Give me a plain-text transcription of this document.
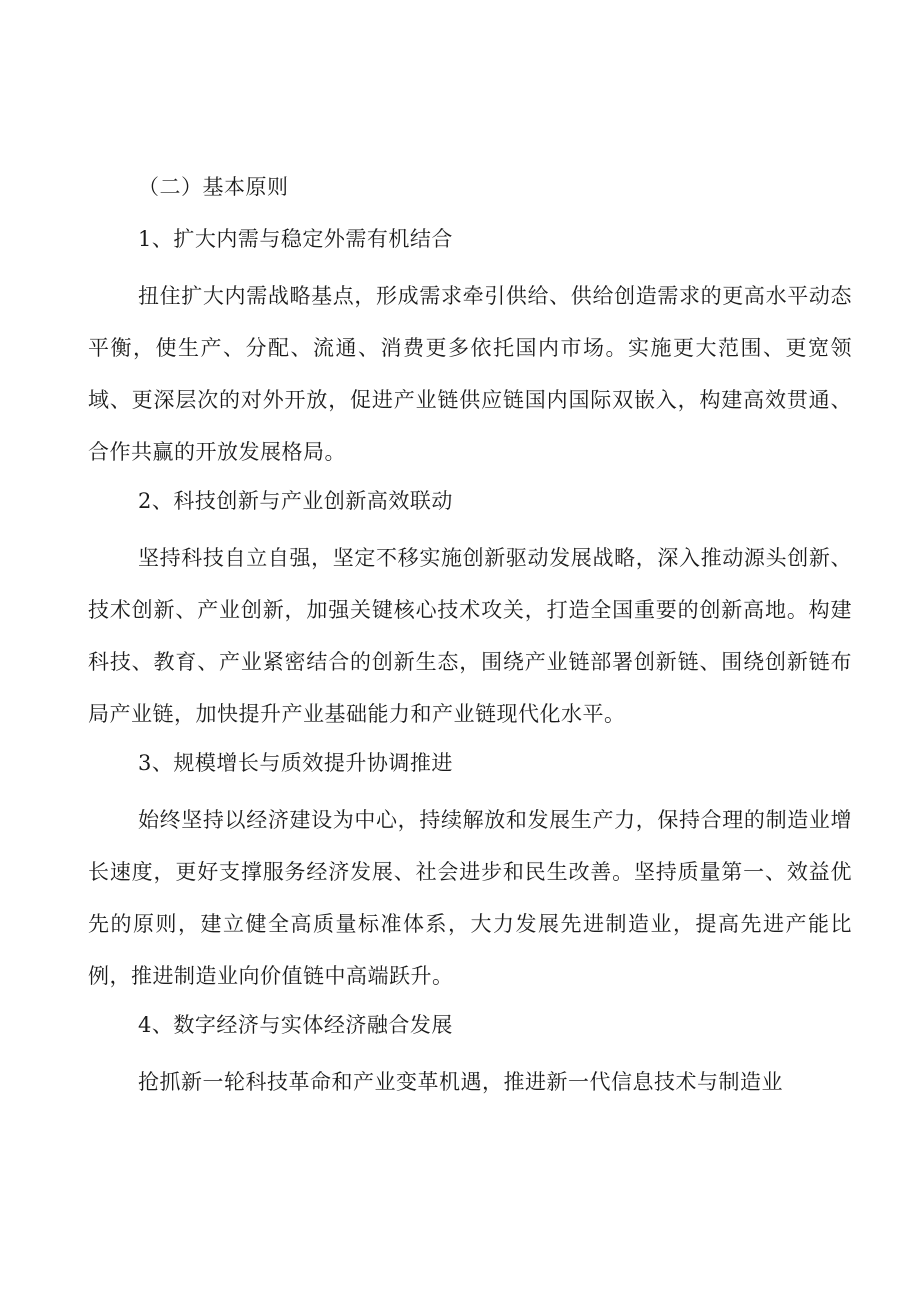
（二）基本原则

1、扩大内需与稳定外需有机结合

扭住扩大内需战略基点，形成需求牵引供给、供给创造需求的更高水平动态平衡，使生产、分配、流通、消费更多依托国内市场。实施更大范围、更宽领域、更深层次的对外开放，促进产业链供应链国内国际双嵌入，构建高效贯通、合作共赢的开放发展格局。

2、科技创新与产业创新高效联动

坚持科技自立自强，坚定不移实施创新驱动发展战略，深入推动源头创新、技术创新、产业创新，加强关键核心技术攻关，打造全国重要的创新高地。构建科技、教育、产业紧密结合的创新生态，围绕产业链部署创新链、围绕创新链布局产业链，加快提升产业基础能力和产业链现代化水平。

3、规模增长与质效提升协调推进

始终坚持以经济建设为中心，持续解放和发展生产力，保持合理的制造业增长速度，更好支撑服务经济发展、社会进步和民生改善。坚持质量第一、效益优先的原则，建立健全高质量标准体系，大力发展先进制造业，提高先进产能比例，推进制造业向价值链中高端跃升。

4、数字经济与实体经济融合发展

抢抓新一轮科技革命和产业变革机遇，推进新一代信息技术与制造业
